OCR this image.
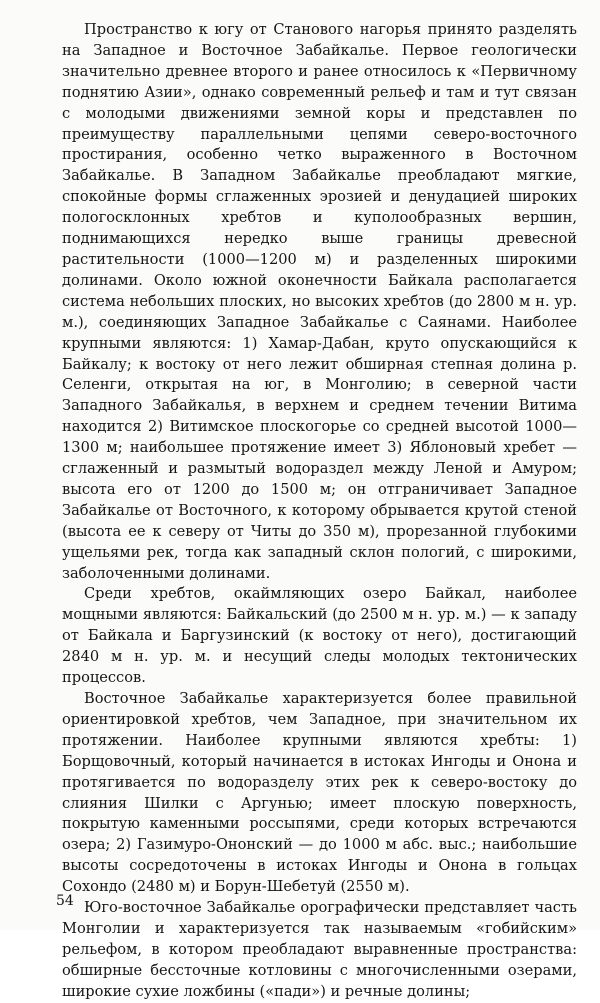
Пространство к югу от Станового нагорья принято разделять на Западное и Восточное Забайкалье. Первое геологически значительно древнее второго и ранее относилось к «Первичному поднятию Азии», однако современный рельеф и там и тут связан с молодыми движениями земной коры и представлен по преимуществу параллельными цепями северо-восточного простирания, особенно четко выраженного в Восточном Забайкалье. В Западном Забайкалье преобладают мягкие, спокойные формы сглаженных эрозией и денудацией широких пологосклонных хребтов и куполообразных вершин, поднимающихся нередко выше границы древесной растительности (1000—1200 м) и разделенных широкими долинами. Около южной оконечности Байкала располагается система небольших плоских, но высоких хребтов (до 2800 м н. ур. м.), соединяющих Западное Забайкалье с Саянами. Наиболее крупными являются: 1) Хамар-Дабан, круто опускающийся к Байкалу; к востоку от него лежит обширная степная долина р. Селенги, открытая на юг, в Монголию; в северной части Западного Забайкалья, в верхнем и среднем течении Витима находится 2) Витимское плоскогорье со средней высотой 1000—1300 м; наибольшее протяжение имеет 3) Яблоновый хребет — сглаженный и размытый водораздел между Леной и Амуром; высота его от 1200 до 1500 м; он отграничивает Западное Забайкалье от Восточного, к которому обрывается крутой стеной (высота ее к северу от Читы до 350 м), прорезанной глубокими ущельями рек, тогда как западный склон пологий, с широкими, заболоченными долинами.

Среди хребтов, окаймляющих озеро Байкал, наиболее мощными являются: Байкальский (до 2500 м н. ур. м.) — к западу от Байкала и Баргузинский (к востоку от него), достигающий 2840 м н. ур. м. и несущий следы молодых тектонических процессов.

Восточное Забайкалье характеризуется более правильной ориентировкой хребтов, чем Западное, при значительном их протяжении. Наиболее крупными являются хребты: 1) Борщовочный, который начинается в истоках Ингоды и Онона и протягивается по водоразделу этих рек к северо-востоку до слияния Шилки с Аргунью; имеет плоскую поверхность, покрытую каменными россыпями, среди которых встречаются озера; 2) Газимуро-Ононский — до 1000 м абс. выс.; наибольшие высоты сосредоточены в истоках Ингоды и Онона в гольцах Сохондо (2480 м) и Борун-Шебетуй (2550 м).

Юго-восточное Забайкалье орографически представляет часть Монголии и характеризуется так называемым «гобийским» рельефом, в котором преобладают выравненные пространства: обширные бессточные котловины с многочисленными озерами, широкие сухие ложбины («пади») и речные долины;

54
